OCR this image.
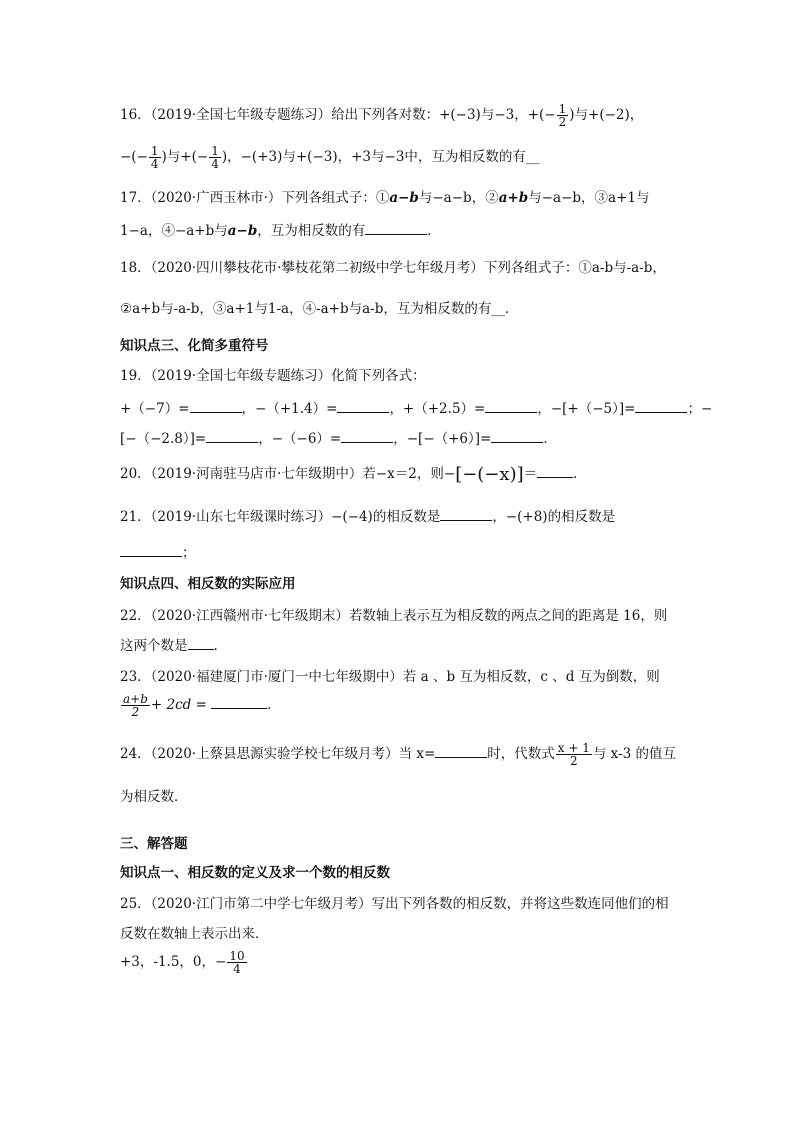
16．（2019·全国七年级专题练习）给出下列各对数：+(−3)与−3，+(− $\frac{1}{2}$ )与+(−2)，
−(− $\frac{1}{4}$ )与+(− $\frac{1}{4}$ )，−(+3)与+(−3)，+3与−3中，互为相反数的有__
17．（2020·广西玉林市·）下列各组式子：①a−b与−a−b，②a+b与−a−b，③a+1与
1−a，④−a+b与a−b，互为相反数的有	．
18．（2020·四川攀枝花市·攀枝花第二初级中学七年级月考）下列各组式子：①a-b与-a-b，
②a+b与-a-b，③a+1与1-a，④-a+b与a-b，互为相反数的有__．
知识点三、化简多重符号
19．（2019·全国七年级专题练习）化简下列各式：
+（−7）=	，−（+1.4）=	，+（+2.5）=	，−[+（−5）]=	；−
[−（−2.8）]=	，−（−6）=	，−[−（+6）]=	．
20．（2019·河南驻马店市·七年级期中）若−x＝2，则−[−(−x)]＝	．
21．（2019·山东七年级课时练习）−(−4)的相反数是	，−(+8)的相反数是
；
知识点四、相反数的实际应用
22．（2020·江西赣州市·七年级期末）若数轴上表示互为相反数的两点之间的距离是 16，则
这两个数是 .
23．（2020·福建厦门市·厦门一中七年级期中）若 a 、b 互为相反数，c 、d 互为倒数，则
$\frac{a+b}{2} + 2cd$ =	．
24．（2020·上蔡县思源实验学校七年级月考）当 x=	时，代数式 $\frac{x + 1}{2}$ 与 x-3 的值互
为相反数．
三、解答题
知识点一、相反数的定义及求一个数的相反数
25．（2020·江门市第二中学七年级月考）写出下列各数的相反数，并将这些数连同他们的相
反数在数轴上表示出来．
+3，-1.5，0，− $\frac{10}{4}$
